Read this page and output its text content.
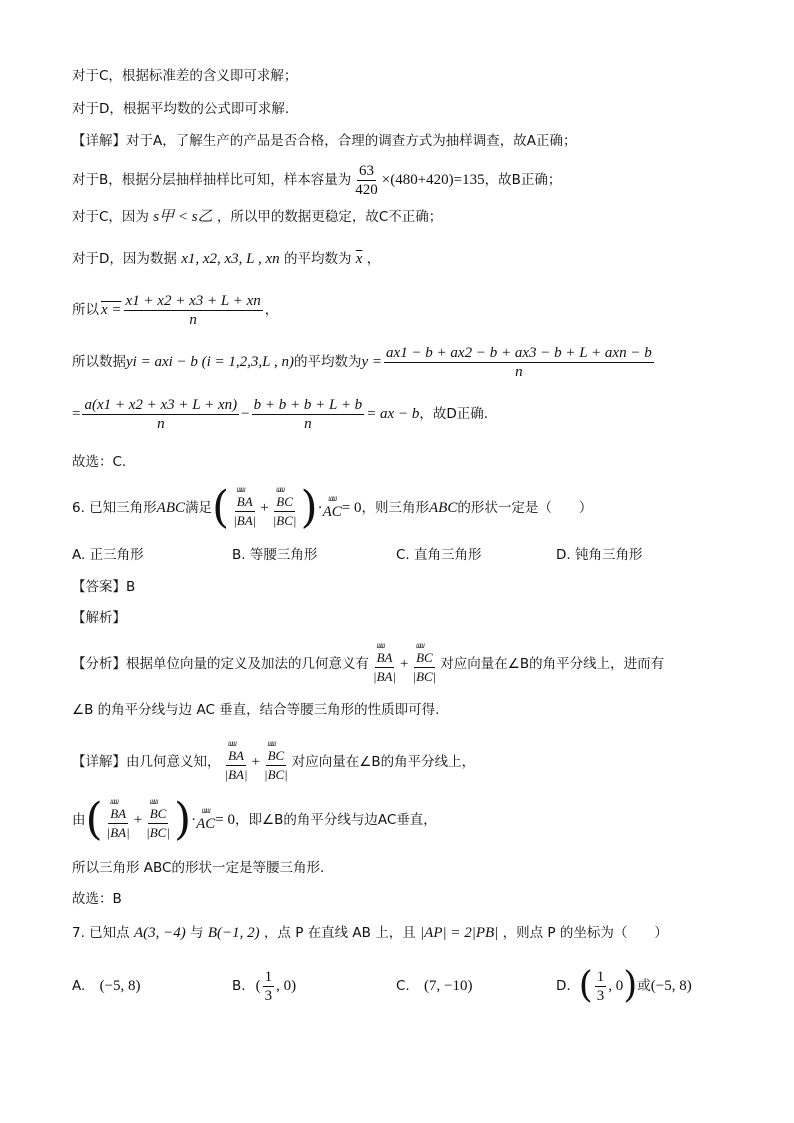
对于C，根据标准差的含义即可求解；
对于D，根据平均数的公式即可求解.
【详解】对于A，了解生产的产品是否合格，合理的调查方式为抽样调查，故A正确；
对于B，根据分层抽样抽样比可知，样本容量为 $\frac{63}{420} \times(480+420)=135$ ，故B正确；
对于C，因为 s甲 < s乙 ，所以甲的数据更稳定，故C不正确；
对于D，因为数据 x1, x2, x3, L , xn 的平均数为 $\overline{x}$ ，
所以 $x = \frac{x1 + x2 + x3 + L + xn}{n}$ ，
所以数据 yi = axi − b (i = 1,2,3,L , n) 的平均数为 $y = \frac{\text{ax1 − b + ax2 − b + ax3 − b + L + axn − b}}{n}$
= $\frac{a(x1 + x2 + x3 + L + xn)}{n} - \frac{b + b + b + L + b}{n}$ = ax − b ，故D正确.
故选：C.
6. 已知三角形 ABC 满足 ( ɯɯ
BA
|BA| + ɯɯ
BC
|BC| ) ·
ɯɯ
AC = 0 ，则三角形 ABC 的形状一定是（　　）
A. 正三角形	B. 等腰三角形	C. 直角三角形	D. 钝角三角形
【答案】B
【解析】
【分析】根据单位向量的定义及加法的几何意义有 ɯɯ
BA
|BA| + ɯɯ
BC
|BC| 对应向量在∠B的角平分线上，进而有
∠B 的角平分线与边 AC 垂直，结合等腰三角形的性质即可得.
【详解】由几何意义知， ɯɯ
BA
|BA| + ɯɯ
BC
|BC| 对应向量在∠B的角平分线上，
由 ( ɯɯ
BA
|BA| + ɯɯ
BC
|BC| ) ·
ɯɯ
AC = 0 ，即∠B的角平分线与边AC垂直，
所以三角形 ABC的形状一定是等腰三角形.
故选：B
7. 已知点 A(3, −4) 与 B(−1, 2) ，点 P 在直线 AB 上，且 |AP| = 2|PB| ，则点 P 的坐标为（　　）
A. (−5, 8)	B. ( $\frac{1}{3}$ , 0)	C. (7, −10)	D. ( $\frac{1}{3}$ , 0 ) 或 (−5, 8)
